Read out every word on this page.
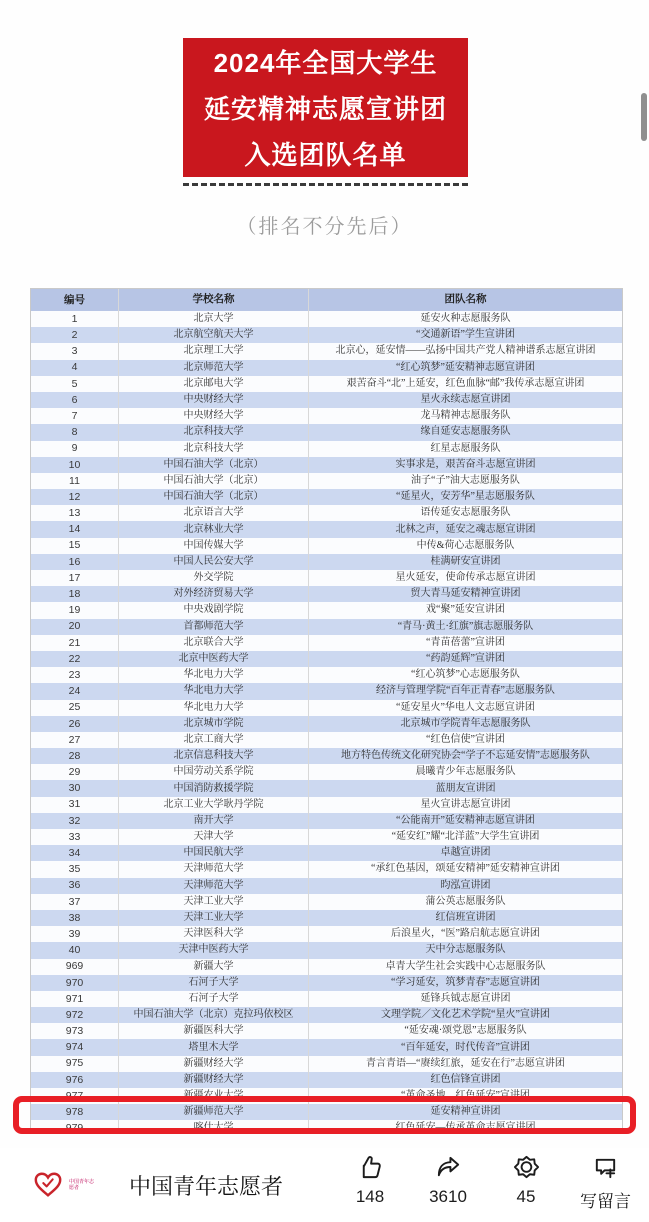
2024年全国大学生
延安精神志愿宣讲团
入选团队名单
（排名不分先后）
编号	学校名称	团队名称
1	北京大学	延安火种志愿服务队
2	北京航空航天大学	“交通新语”学生宣讲团
3	北京理工大学	北京心，延安情——弘扬中国共产党人精神谱系志愿宣讲团
4	北京师范大学	“红心筑梦”延安精神志愿宣讲团
5	北京邮电大学	艰苦奋斗“北”上延安，红色血脉“邮”我传承志愿宣讲团
6	中央财经大学	星火永续志愿宣讲团
7	中央财经大学	龙马精神志愿服务队
8	北京科技大学	缘自延安志愿服务队
9	北京科技大学	红星志愿服务队
10	中国石油大学（北京）	实事求是，艰苦奋斗志愿宣讲团
11	中国石油大学（北京）	油子“子”油大志愿服务队
12	中国石油大学（北京）	“延星火，安芳华”星志愿服务队
13	北京语言大学	语传延安志愿服务队
14	北京林业大学	北林之声，延安之魂志愿宣讲团
15	中国传媒大学	中传&荷心志愿服务队
16	中国人民公安大学	桂满研安宣讲团
17	外交学院	星火延安，使命传承志愿宣讲团
18	对外经济贸易大学	贸大青马延安精神宣讲团
19	中央戏剧学院	戏“聚”延安宣讲团
20	首都师范大学	“青马·黄土·红旗”旗志愿服务队
21	北京联合大学	“青苗蓓蕾”宣讲团
22	北京中医药大学	“药韵延辉”宣讲团
23	华北电力大学	“红心筑梦”心志愿服务队
24	华北电力大学	经济与管理学院“百年正青春”志愿服务队
25	华北电力大学	“延安星火”华电人文志愿宣讲团
26	北京城市学院	北京城市学院青年志愿服务队
27	北京工商大学	“红色信使”宣讲团
28	北京信息科技大学	地方特色传统文化研究协会“学子不忘延安情”志愿服务队
29	中国劳动关系学院	晨曦青少年志愿服务队
30	中国消防救援学院	蓝朋友宣讲团
31	北京工业大学耿丹学院	星火宣讲志愿宣讲团
32	南开大学	“公能南开”延安精神志愿宣讲团
33	天津大学	“延安红”耀“北洋蓝”大学生宣讲团
34	中国民航大学	卓越宣讲团
35	天津师范大学	“承红色基因，颂延安精神”延安精神宣讲团
36	天津师范大学	昀泓宣讲团
37	天津工业大学	蒲公英志愿服务队
38	天津工业大学	红信班宣讲团
39	天津医科大学	后浪星火，“医”路启航志愿宣讲团
40	天津中医药大学	天中分志愿服务队
969	新疆大学	卓青大学生社会实践中心志愿服务队
970	石河子大学	“学习延安，筑梦青春”志愿宣讲团
971	石河子大学	延锋兵钺志愿宣讲团
972	中国石油大学（北京）克拉玛依校区	文理学院／文化艺术学院“星火”宣讲团
973	新疆医科大学	“延安魂·颂党恩”志愿服务队
974	塔里木大学	“百年延安，时代传音”宣讲团
975	新疆财经大学	青言青语—“赓续红旅，延安在行”志愿宣讲团
976	新疆财经大学	红色信锋宣讲团
977	新疆农业大学	“革命圣地，红色延安”宣讲团
978	新疆师范大学	延安精神宣讲团
979	喀什大学	红色延安—传承革命志愿宣讲团
中国青年志愿者	中国青年志愿者	148	3610	45	写留言
